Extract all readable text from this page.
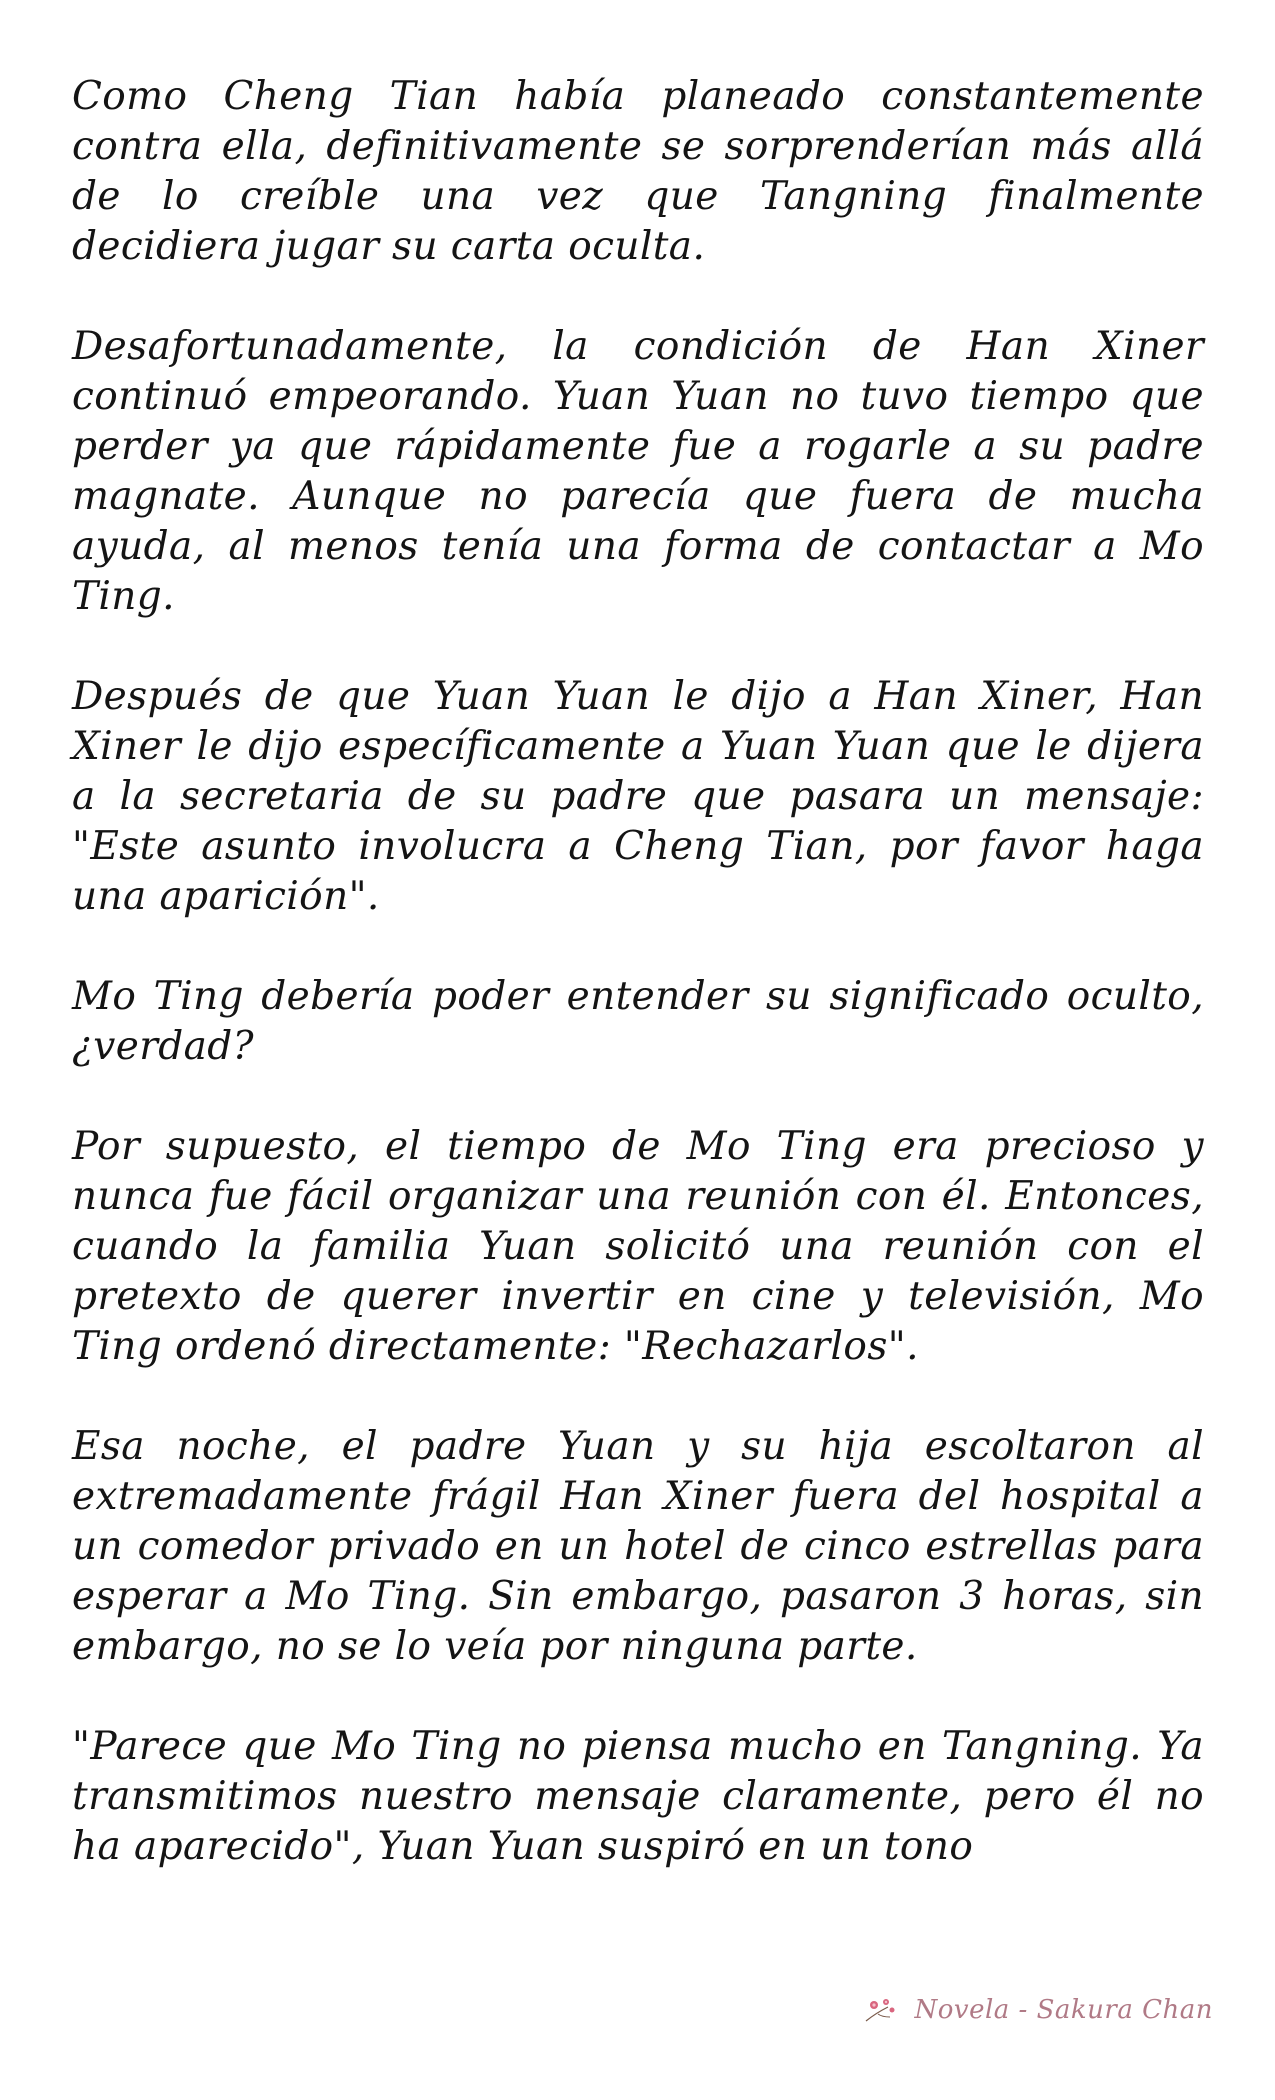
Como Cheng Tian había planeado constantemente contra ella, definitivamente se sorprenderían más allá de lo creíble una vez que Tangning finalmente decidiera jugar su carta oculta.

Desafortunadamente, la condición de Han Xiner continuó empeorando. Yuan Yuan no tuvo tiempo que perder ya que rápidamente fue a rogarle a su padre magnate. Aunque no parecía que fuera de mucha ayuda, al menos tenía una forma de contactar a Mo Ting.

Después de que Yuan Yuan le dijo a Han Xiner, Han Xiner le dijo específicamente a Yuan Yuan que le dijera a la secretaria de su padre que pasara un mensaje: "Este asunto involucra a Cheng Tian, por favor haga una aparición".

Mo Ting debería poder entender su significado oculto, ¿verdad?

Por supuesto, el tiempo de Mo Ting era precioso y nunca fue fácil organizar una reunión con él. Entonces, cuando la familia Yuan solicitó una reunión con el pretexto de querer invertir en cine y televisión, Mo Ting ordenó directamente: "Rechazarlos".

Esa noche, el padre Yuan y su hija escoltaron al extremadamente frágil Han Xiner fuera del hospital a un comedor privado en un hotel de cinco estrellas para esperar a Mo Ting. Sin embargo, pasaron 3 horas, sin embargo, no se lo veía por ninguna parte.

"Parece que Mo Ting no piensa mucho en Tangning. Ya transmitimos nuestro mensaje claramente, pero él no ha aparecido", Yuan Yuan suspiró en un tono

Novela - Sakura Chan
